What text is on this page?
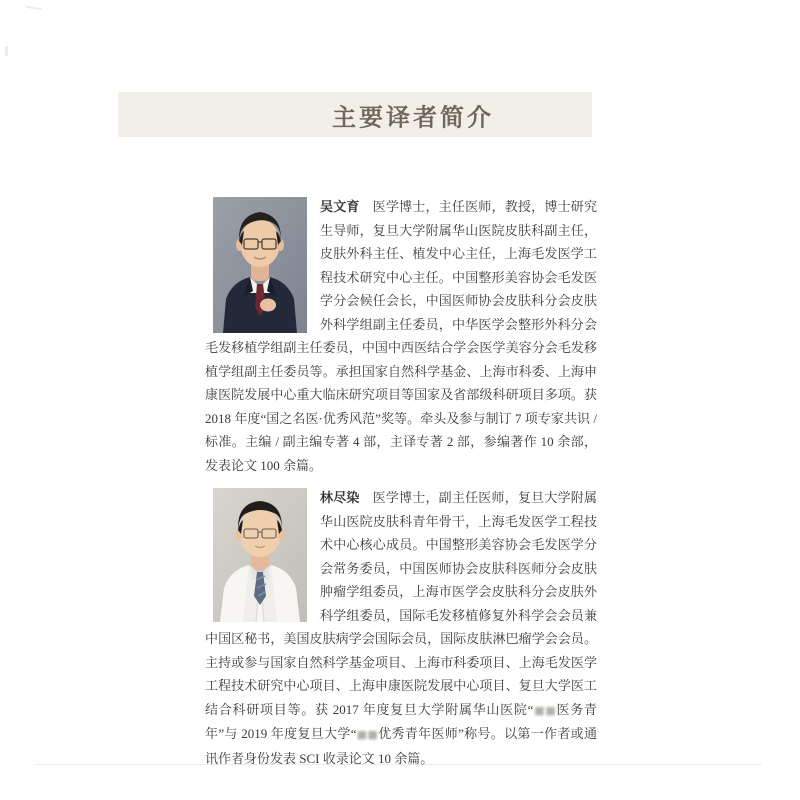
主要译者简介

吴文育 医学博士，主任医师，教授，博士研究生导师，复旦大学附属华山医院皮肤科副主任，皮肤外科主任、植发中心主任，上海毛发医学工程技术研究中心主任。中国整形美容协会毛发医学分会候任会长，中国医师协会皮肤科分会皮肤外科学组副主任委员，中华医学会整形外科分会毛发移植学组副主任委员，中国中西医结合学会医学美容分会毛发移植学组副主任委员等。承担国家自然科学基金、上海市科委、上海申康医院发展中心重大临床研究项目等国家及省部级科研项目多项。获 2018 年度“国之名医·优秀风范”奖等。牵头及参与制订 7 项专家共识 / 标准。主编 / 副主编专著 4 部，主译专著 2 部，参编著作 10 余部，发表论文 100 余篇。

林尽染 医学博士，副主任医师，复旦大学附属华山医院皮肤科青年骨干，上海毛发医学工程技术中心核心成员。中国整形美容协会毛发医学分会常务委员，中国医师协会皮肤科医师分会皮肤肿瘤学组委员，上海市医学会皮肤科分会皮肤外科学组委员，国际毛发移植修复外科学会会员兼中国区秘书，美国皮肤病学会国际会员，国际皮肤淋巴瘤学会会员。主持或参与国家自然科学基金项目、上海市科委项目、上海毛发医学工程技术研究中心项目、上海申康医院发展中心项目、复旦大学医工结合科研项目等。获 2017 年度复旦大学附属华山医院“■■医务青年”与 2019 年度复旦大学“■■优秀青年医师”称号。以第一作者或通讯作者身份发表 SCI 收录论文 10 余篇。
